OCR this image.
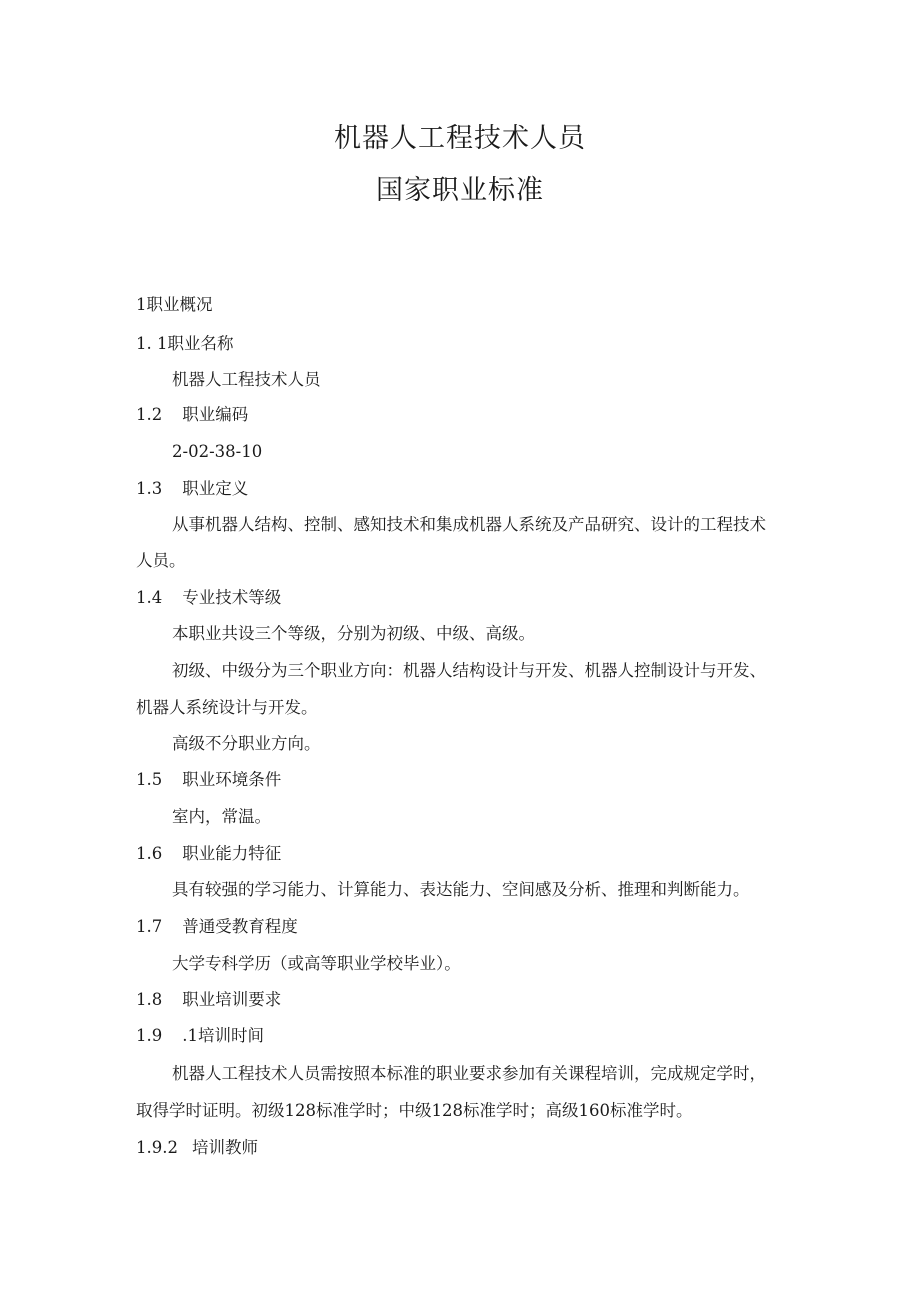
机器人工程技术人员
国家职业标准
1职业概况
1. 1职业名称
机器人工程技术人员
1.2 职业编码
2-02-38-10
1.3 职业定义
从事机器人结构、控制、感知技术和集成机器人系统及产品研究、设计的工程技术
人员。
1.4 专业技术等级
本职业共设三个等级，分别为初级、中级、高级。
初级、中级分为三个职业方向：机器人结构设计与开发、机器人控制设计与开发、
机器人系统设计与开发。
高级不分职业方向。
1.5 职业环境条件
室内，常温。
1.6 职业能力特征
具有较强的学习能力、计算能力、表达能力、空间感及分析、推理和判断能力。
1.7 普通受教育程度
大学专科学历（或高等职业学校毕业）。
1.8 职业培训要求
1.9 .1培训时间
机器人工程技术人员需按照本标准的职业要求参加有关课程培训，完成规定学时，
取得学时证明。初级128标准学时；中级128标准学时；高级160标准学时。
1.9.2 培训教师
